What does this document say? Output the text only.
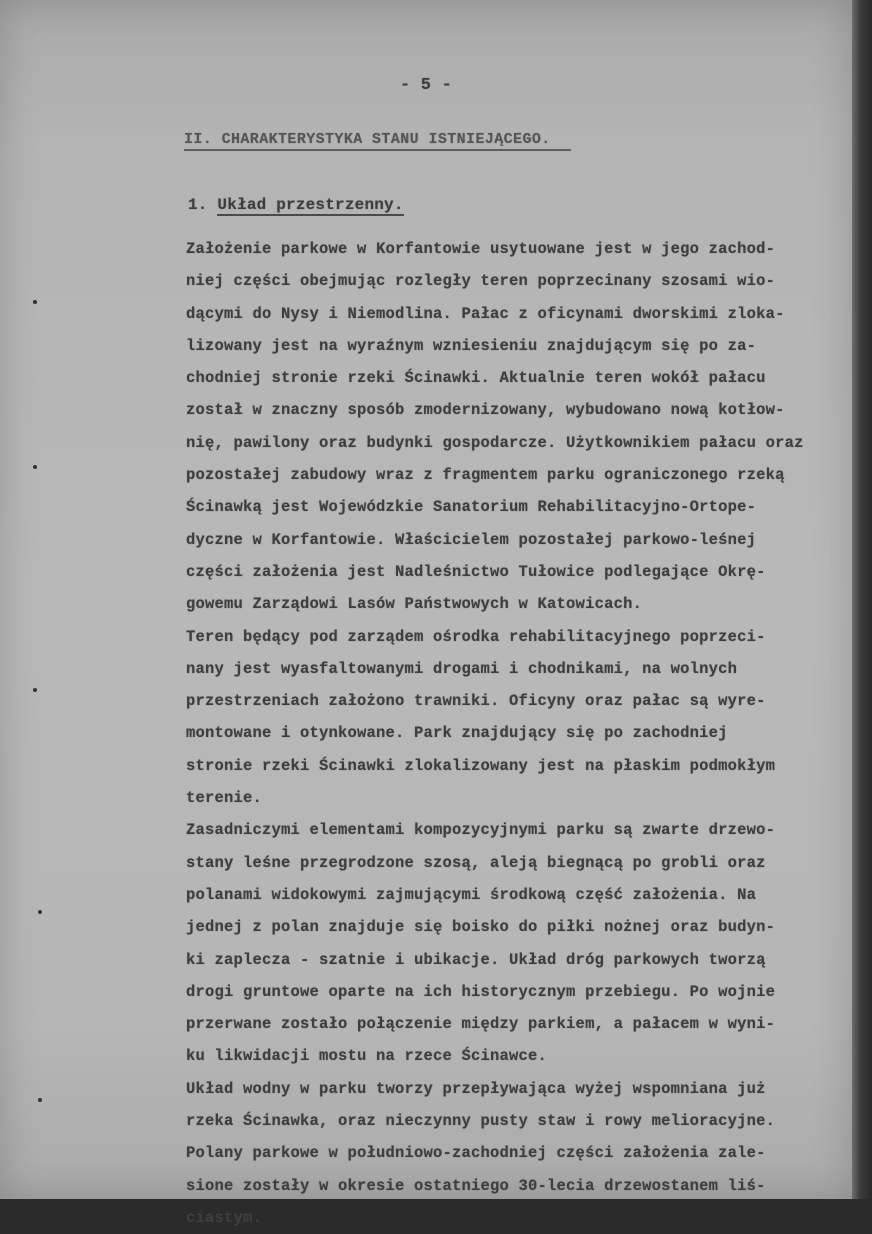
- 5 -
II. CHARAKTERYSTYKA STANU ISTNIEJĄCEGO.
1. Układ przestrzenny.
Założenie parkowe w Korfantowie usytuowane jest w jego zachod-
niej części obejmując rozległy teren poprzecinany szosami wio-
dącymi do Nysy i Niemodlina. Pałac z oficynami dworskimi zloka-
lizowany jest na wyraźnym wzniesieniu znajdującym się po za-
chodniej stronie rzeki Ścinawki. Aktualnie teren wokół pałacu
został w znaczny sposób zmodernizowany, wybudowano nową kotłow-
nię, pawilony oraz budynki gospodarcze. Użytkownikiem pałacu oraz
pozostałej zabudowy wraz z fragmentem parku ograniczonego rzeką
Ścinawką jest Wojewódzkie Sanatorium Rehabilitacyjno-Ortope-
dyczne w Korfantowie. Właścicielem pozostałej parkowo-leśnej
części założenia jest Nadleśnictwo Tułowice podlegające Okrę-
gowemu Zarządowi Lasów Państwowych w Katowicach.
Teren będący pod zarządem ośrodka rehabilitacyjnego poprzeci-
nany jest wyasfaltowanymi drogami i chodnikami, na wolnych
przestrzeniach założono trawniki. Oficyny oraz pałac są wyre-
montowane i otynkowane. Park znajdujący się po zachodniej
stronie rzeki Ścinawki zlokalizowany jest na płaskim podmokłym
terenie.
Zasadniczymi elementami kompozycyjnymi parku są zwarte drzewo-
stany leśne przegrodzone szosą, aleją biegnącą po grobli oraz
polanami widokowymi zajmującymi środkową część założenia. Na
jednej z polan znajduje się boisko do piłki nożnej oraz budyn-
ki zaplecza - szatnie i ubikacje. Układ dróg parkowych tworzą
drogi gruntowe oparte na ich historycznym przebiegu. Po wojnie
przerwane zostało połączenie między parkiem, a pałacem w wyni-
ku likwidacji mostu na rzece Ścinawce.
Układ wodny w parku tworzy przepływająca wyżej wspomniana już
rzeka Ścinawka, oraz nieczynny pusty staw i rowy melioracyjne.
Polany parkowe w południowo-zachodniej części założenia zale-
sione zostały w okresie ostatniego 30-lecia drzewostanem liś-
ciastym.
